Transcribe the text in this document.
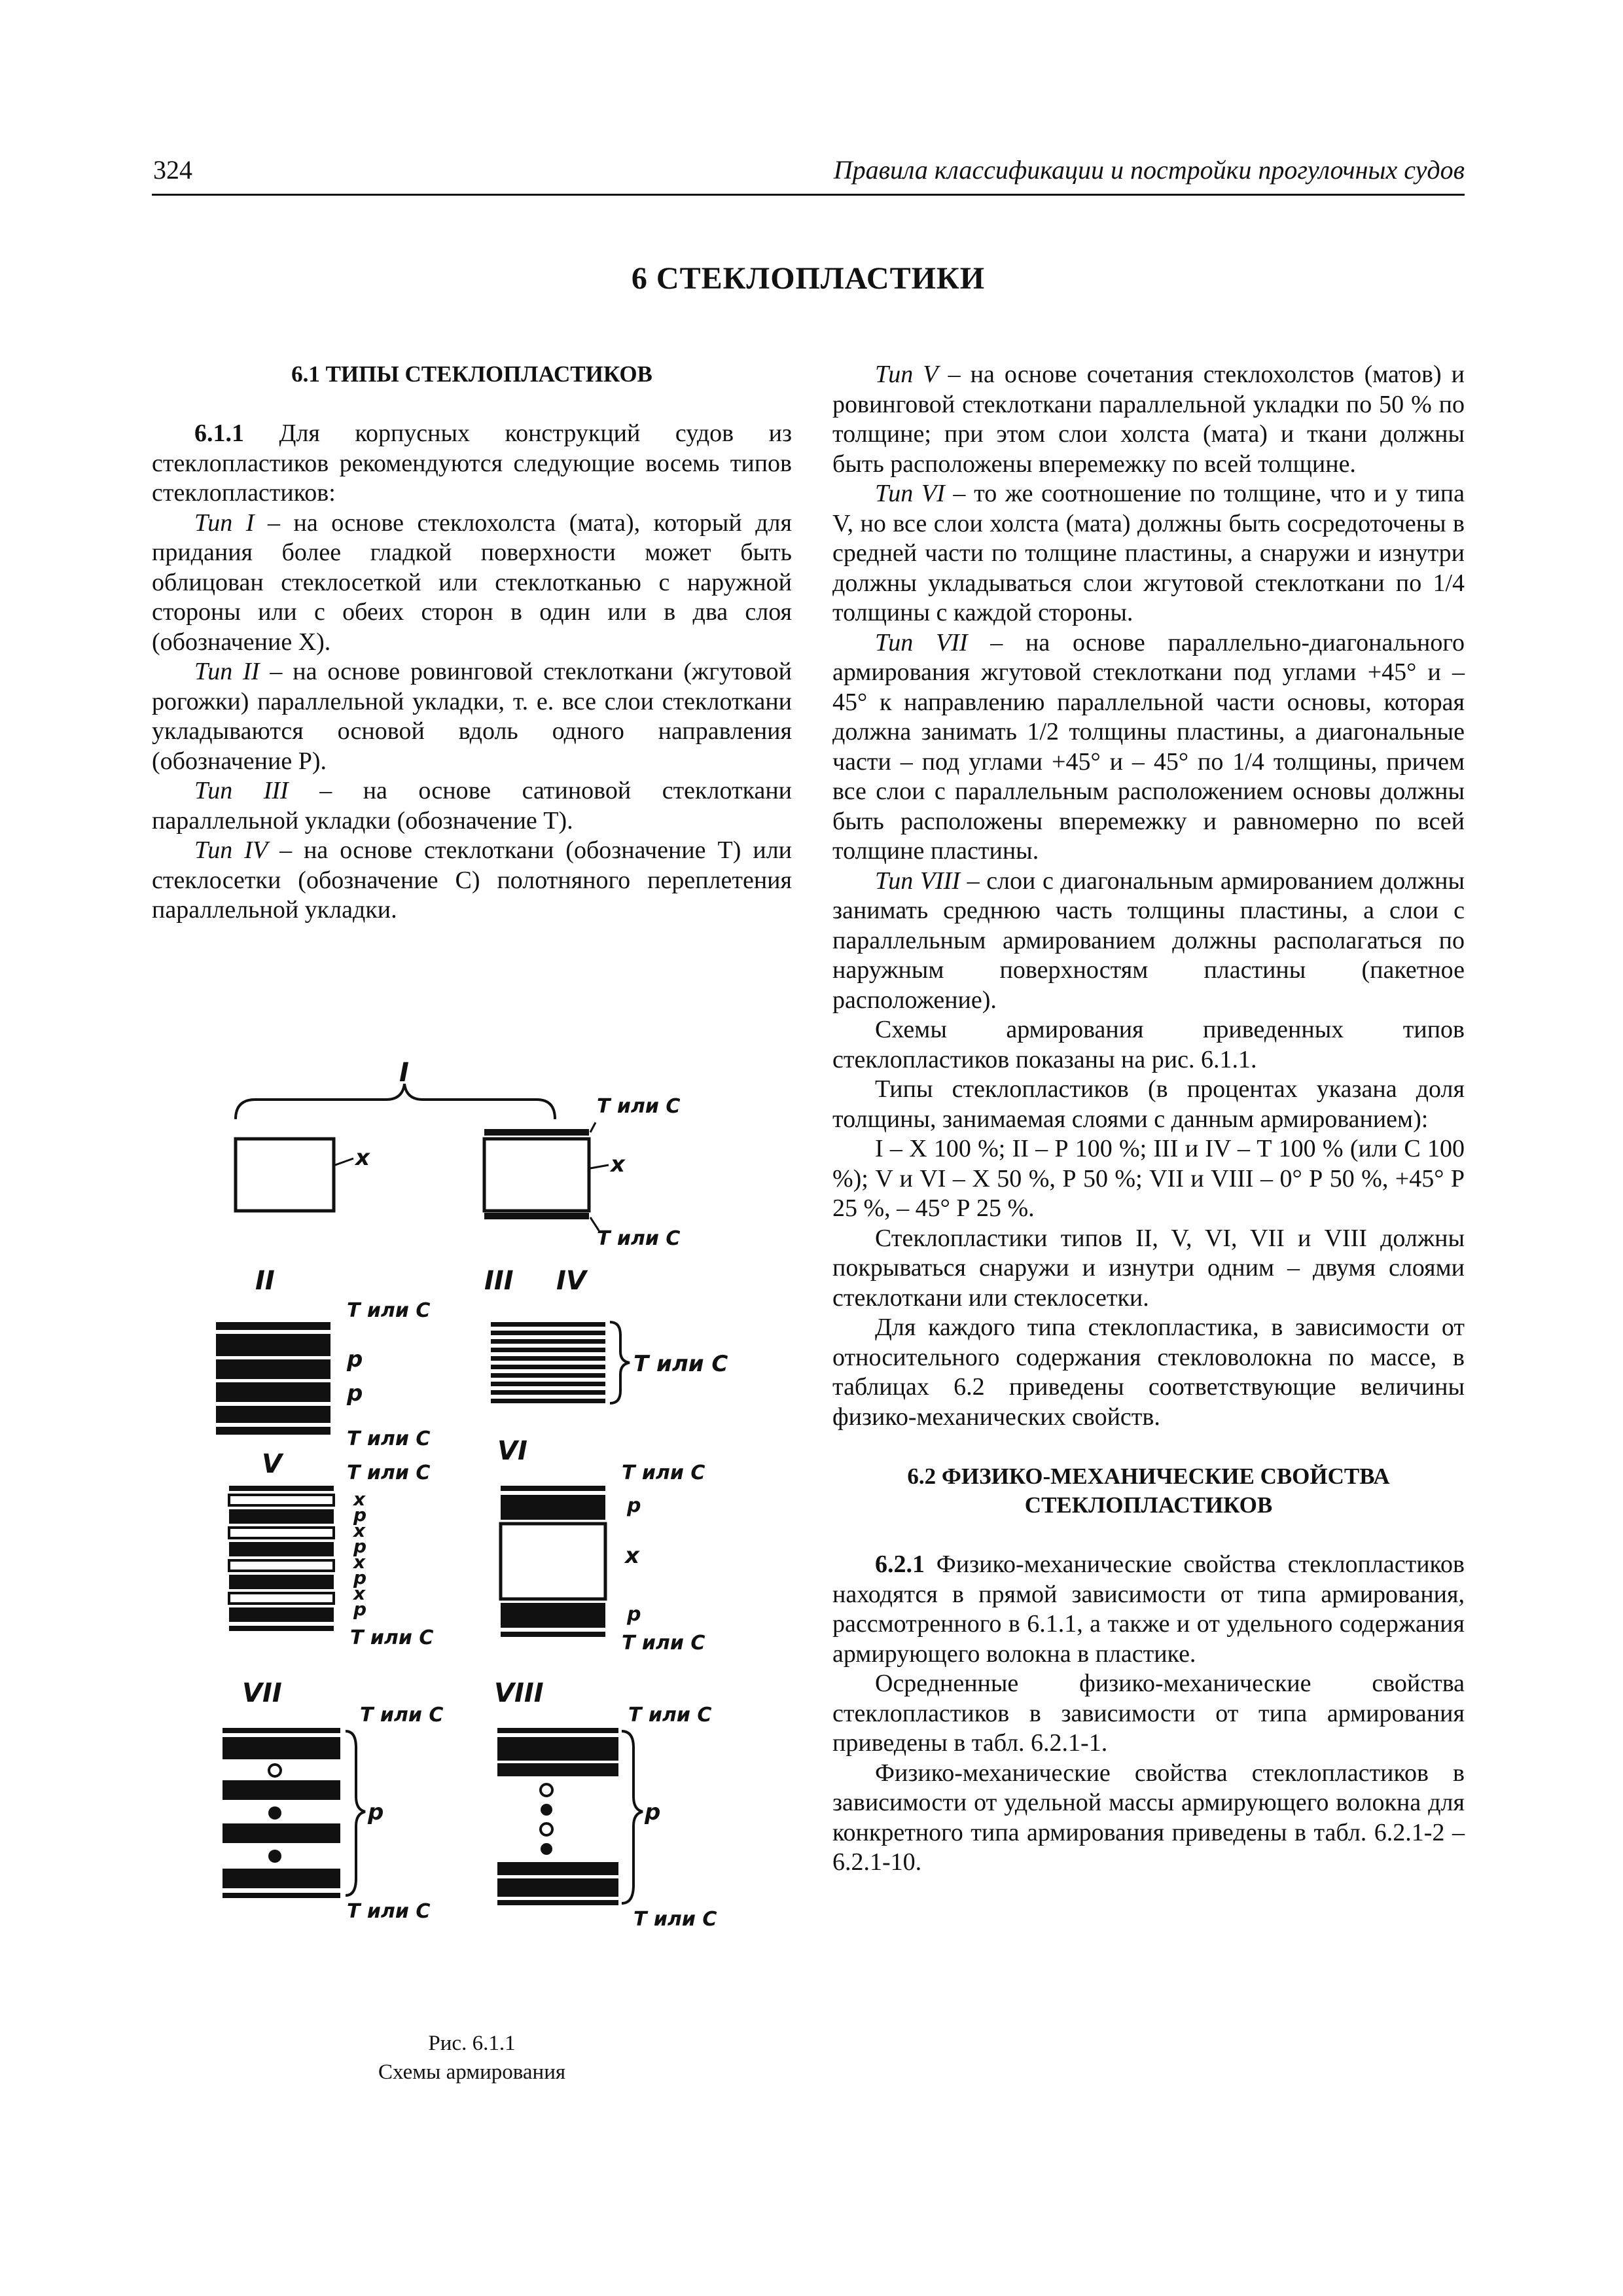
324	Правила классификации и постройки прогулочных судов
6 СТЕКЛОПЛАСТИКИ
6.1 ТИПЫ СТЕКЛОПЛАСТИКОВ

6.1.1 Для корпусных конструкций судов из стеклопластиков рекомендуются следующие восемь типов стеклопластиков:

Тип I – на основе стеклохолста (мата), который для придания более гладкой поверхности может быть облицован стеклосеткой или стеклотканью с наружной стороны или с обеих сторон в один или в два слоя (обозначение Х).

Тип II – на основе ровинговой стеклоткани (жгутовой рогожки) параллельной укладки, т. е. все слои стеклоткани укладываются основой вдоль одного направления (обозначение Р).

Тип III – на основе сатиновой стеклоткани параллельной укладки (обозначение Т).

Тип IV – на основе стеклоткани (обозначение Т) или стеклосетки (обозначение С) полотняного переплетения параллельной укладки.

I
х
Т или С
х
Т или С
II
Т или С
р
р
Т или С
III IV
Т или С
V	Т или С
х
р
х
р
х
р
х
р
Т или С
VI
Т или С
р
х
р
Т или С
VII
Т или С
р
Т или С
VIII
Т или С
р
Т или С
Рис. 6.1.1
Схемы армирования

Тип V – на основе сочетания стеклохолстов (матов) и ровинговой стеклоткани параллельной укладки по 50 % по толщине; при этом слои холста (мата) и ткани должны быть расположены вперемежку по всей толщине.

Тип VI – то же соотношение по толщине, что и у типа V, но все слои холста (мата) должны быть сосредоточены в средней части по толщине пластины, а снаружи и изнутри должны укладываться слои жгутовой стеклоткани по 1/4 толщины с каждой стороны.

Тип VII – на основе параллельно-диагонального армирования жгутовой стеклоткани под углами +45° и – 45° к направлению параллельной части основы, которая должна занимать 1/2 толщины пластины, а диагональные части – под углами +45° и – 45° по 1/4 толщины, причем все слои с параллельным расположением основы должны быть расположены вперемежку и равномерно по всей толщине пластины.

Тип VIII – слои с диагональным армированием должны занимать среднюю часть толщины пластины, а слои с параллельным армированием должны располагаться по наружным поверхностям пластины (пакетное расположение).

Схемы армирования приведенных типов стеклопластиков показаны на рис. 6.1.1.

Типы стеклопластиков (в процентах указана доля толщины, занимаемая слоями с данным армированием):

I – Х 100 %; II – Р 100 %; III и IV – Т 100 % (или С 100 %); V и VI – Х 50 %, Р 50 %; VII и VIII – 0° Р 50 %, +45° Р 25 %, – 45° Р 25 %.

Стеклопластики типов II, V, VI, VII и VIII должны покрываться снаружи и изнутри одним – двумя слоями стеклоткани или стеклосетки.

Для каждого типа стеклопластика, в зависимости от относительного содержания стекловолокна по массе, в таблицах 6.2 приведены соответствующие величины физико-механических свойств.

6.2 ФИЗИКО-МЕХАНИЧЕСКИЕ СВОЙСТВА
СТЕКЛОПЛАСТИКОВ

6.2.1 Физико-механические свойства стеклопластиков находятся в прямой зависимости от типа армирования, рассмотренного в 6.1.1, а также и от удельного содержания армирующего волокна в пластике.

Осредненные физико-механические свойства стеклопластиков в зависимости от типа армирования приведены в табл. 6.2.1-1.

Физико-механические свойства стеклопластиков в зависимости от удельной массы армирующего волокна для конкретного типа армирования приведены в табл. 6.2.1-2 – 6.2.1-10.
